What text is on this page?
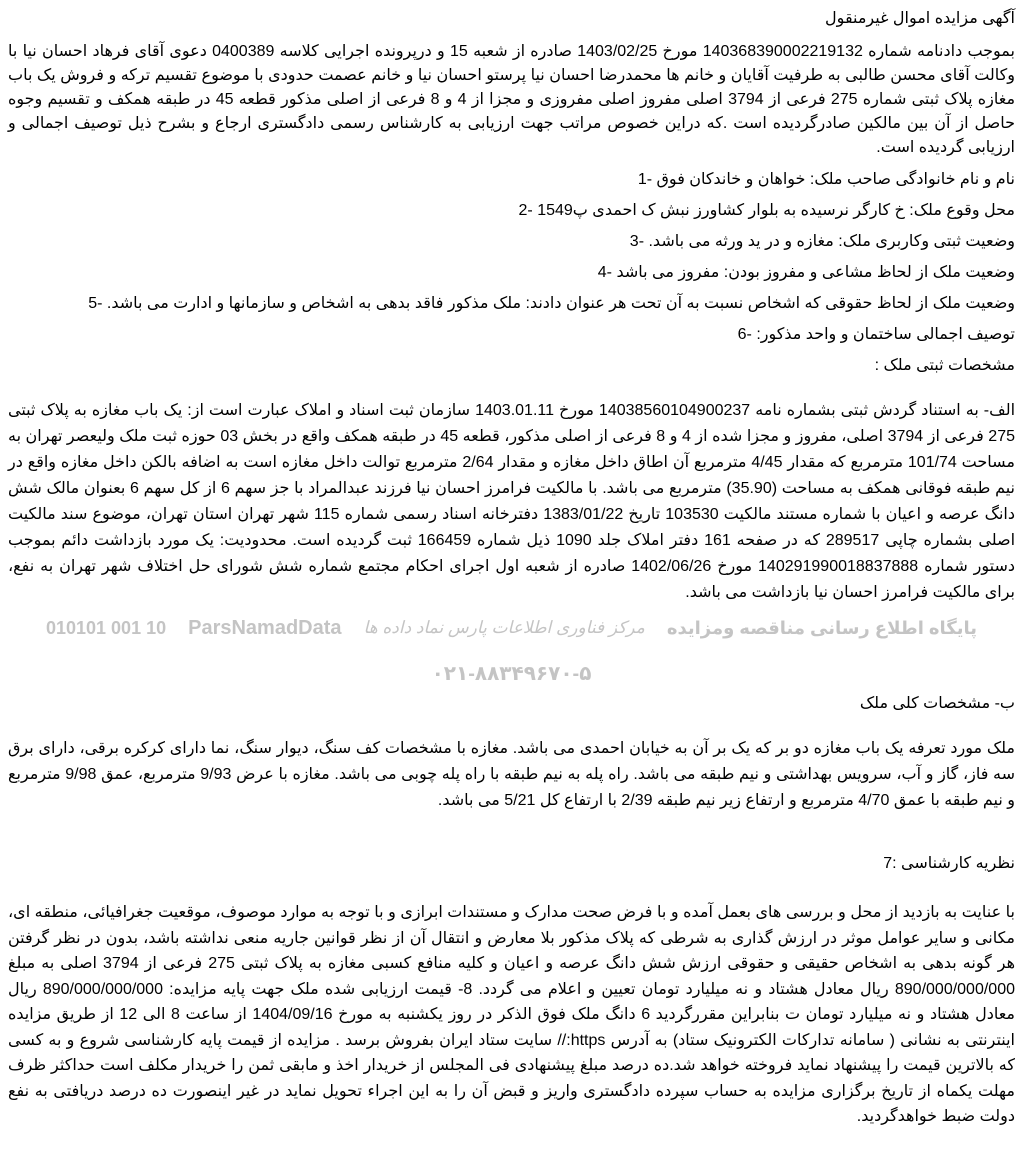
آگهی مزایده اموال غیرمنقول
بموجب دادنامه شماره 140368390002219132 مورخ 1403/02/25 صادره از شعبه 15 و درپرونده اجرایی کلاسه 0400389 دعوی آقای فرهاد احسان نیا با وکالت آقای محسن طالبی به طرفیت آقایان و خانم ها محمدرضا احسان نیا پرستو احسان نیا و خانم عصمت حدودی با موضوع تقسیم ترکه و فروش یک باب مغازه پلاک ثبتی شماره 275 فرعی از 3794 اصلی مفروز اصلی مفروزی و مجزا از 4 و 8 فرعی از اصلی مذکور قطعه 45 در طبقه همکف و تقسیم وجوه حاصل از آن بین مالکین صادرگردیده است .که دراین خصوص مراتب جهت ارزیابی به کارشناس رسمی دادگستری ارجاع و بشرح ذیل توصیف اجمالی و ارزیابی گردیده است.
نام و نام خانوادگی صاحب ملک: خواهان و خاندکان فوق -1
محل وقوع ملک: خ کارگر نرسیده به بلوار کشاورز نبش ک احمدی پ1549 -2
وضعیت ثبتی وکاربری ملک: مغازه و در ید ورثه می باشد. -3
وضعیت ملک از لحاظ مشاعی و مفروز بودن: مفروز می باشد -4
وضعیت ملک از لحاظ حقوقی که اشخاص نسبت به آن تحت هر عنوان دادند: ملک مذکور فاقد بدهی به اشخاص و سازمانها و ادارت می باشد. -5
توصیف اجمالی ساختمان و واحد مذکور: -6
مشخصات ثبتی ملک :
الف- به استناد گردش ثبتی بشماره نامه 14038560104900237 مورخ 1403.01.11 سازمان ثبت اسناد و املاک عبارت است از: یک باب مغازه به پلاک ثبتی 275 فرعی از 3794 اصلی، مفروز و مجزا شده از 4 و 8 فرعی از اصلی مذکور، قطعه 45 در طبقه همکف واقع در بخش 03 حوزه ثبت ملک ولیعصر تهران به مساحت 101/74 مترمربع که مقدار 4/45 مترمربع آن اطاق داخل مغازه و مقدار 2/64 مترمربع توالت داخل مغازه است به اضافه بالکن داخل مغازه واقع در نیم طبقه فوقانی همکف به مساحت (35.90) مترمربع می باشد. با مالکیت فرامرز احسان نیا فرزند عبدالمراد با جز سهم 6 از کل سهم 6 بعنوان مالک شش دانگ عرصه و اعیان با شماره مستند مالکیت 103530 تاریخ 1383/01/22 دفترخانه اسناد رسمی شماره 115 شهر تهران استان تهران، موضوع سند مالکیت اصلی بشماره چاپی 289517 که در صفحه 161 دفتر املاک جلد 1090 ذیل شماره 166459 ثبت گردیده است. محدودیت: یک مورد بازداشت دائم بموجب دستور شماره 140291990018837888 مورخ 1402/06/26 صادره از شعبه اول اجرای احکام مجتمع شماره شش شورای حل اختلاف شهر تهران به نفع، برای مالکیت فرامرز احسان نیا بازداشت می باشد.
010101 001 10 ParsNamadData مرکز فناوری اطلاعات پارس نماد داده ها پایگاه اطلاع رسانی مناقصه ومزایده
۰۲۱-۸۸۳۴۹۶۷۰-۵
ب- مشخصات کلی ملک
ملک مورد تعرفه یک باب مغازه دو بر که یک بر آن به خیابان احمدی می باشد. مغازه با مشخصات کف سنگ، دیوار سنگ، نما دارای کرکره برقی، دارای برق سه فاز، گاز و آب، سرویس بهداشتی و نیم طبقه می باشد. راه پله به نیم طبقه با راه پله چوبی می باشد. مغازه با عرض 9/93 مترمربع، عمق 9/98 مترمربع و نیم طبقه با عمق 4/70 مترمربع و ارتفاع زیر نیم طبقه 2/39 با ارتفاع کل 5/21 می باشد.
نظریه کارشناسی :7
با عنایت به بازدید از محل و بررسی های بعمل آمده و با فرض صحت مدارک و مستندات ابرازی و با توجه به موارد موصوف، موقعیت جغرافیائی، منطقه ای، مکانی و سایر عوامل موثر در ارزش گذاری به شرطی که پلاک مذکور بلا معارض و انتقال آن از نظر قوانین جاریه منعی نداشته باشد، بدون در نظر گرفتن هر گونه بدهی به اشخاص حقیقی و حقوقی ارزش شش دانگ عرصه و اعیان و کلیه منافع کسبی مغازه به پلاک ثبتی 275 فرعی از 3794 اصلی به مبلغ 890/000/000/000 ریال معادل هشتاد و نه میلیارد تومان تعیین و اعلام می گردد. 8- قیمت ارزیابی شده ملک جهت پایه مزایده: 890/000/000/000 ریال معادل هشتاد و نه میلیارد تومان ت بنابراین مقررگردید 6 دانگ ملک فوق الذکر در روز یکشنبه به مورخ 1404/09/16 از ساعت 8 الی 12 از طریق مزایده اینترنتی به نشانی ( سامانه تدارکات الکترونیک ستاد) به آدرس https:// سایت ستاد ایران بفروش برسد . مزایده از قیمت پایه کارشناسی شروع و به کسی که بالاترین قیمت را پیشنهاد نماید فروخته خواهد شد.ده درصد مبلغ پیشنهادی فی المجلس از خریدار اخذ و مابقی ثمن را خریدار مکلف است حداکثر ظرف مهلت یکماه از تاریخ برگزاری مزایده به حساب سپرده دادگستری واریز و قبض آن را به این اجراء تحویل نماید در غیر اینصورت ده درصد دریافتی به نفع دولت ضبط خواهدگردید.
